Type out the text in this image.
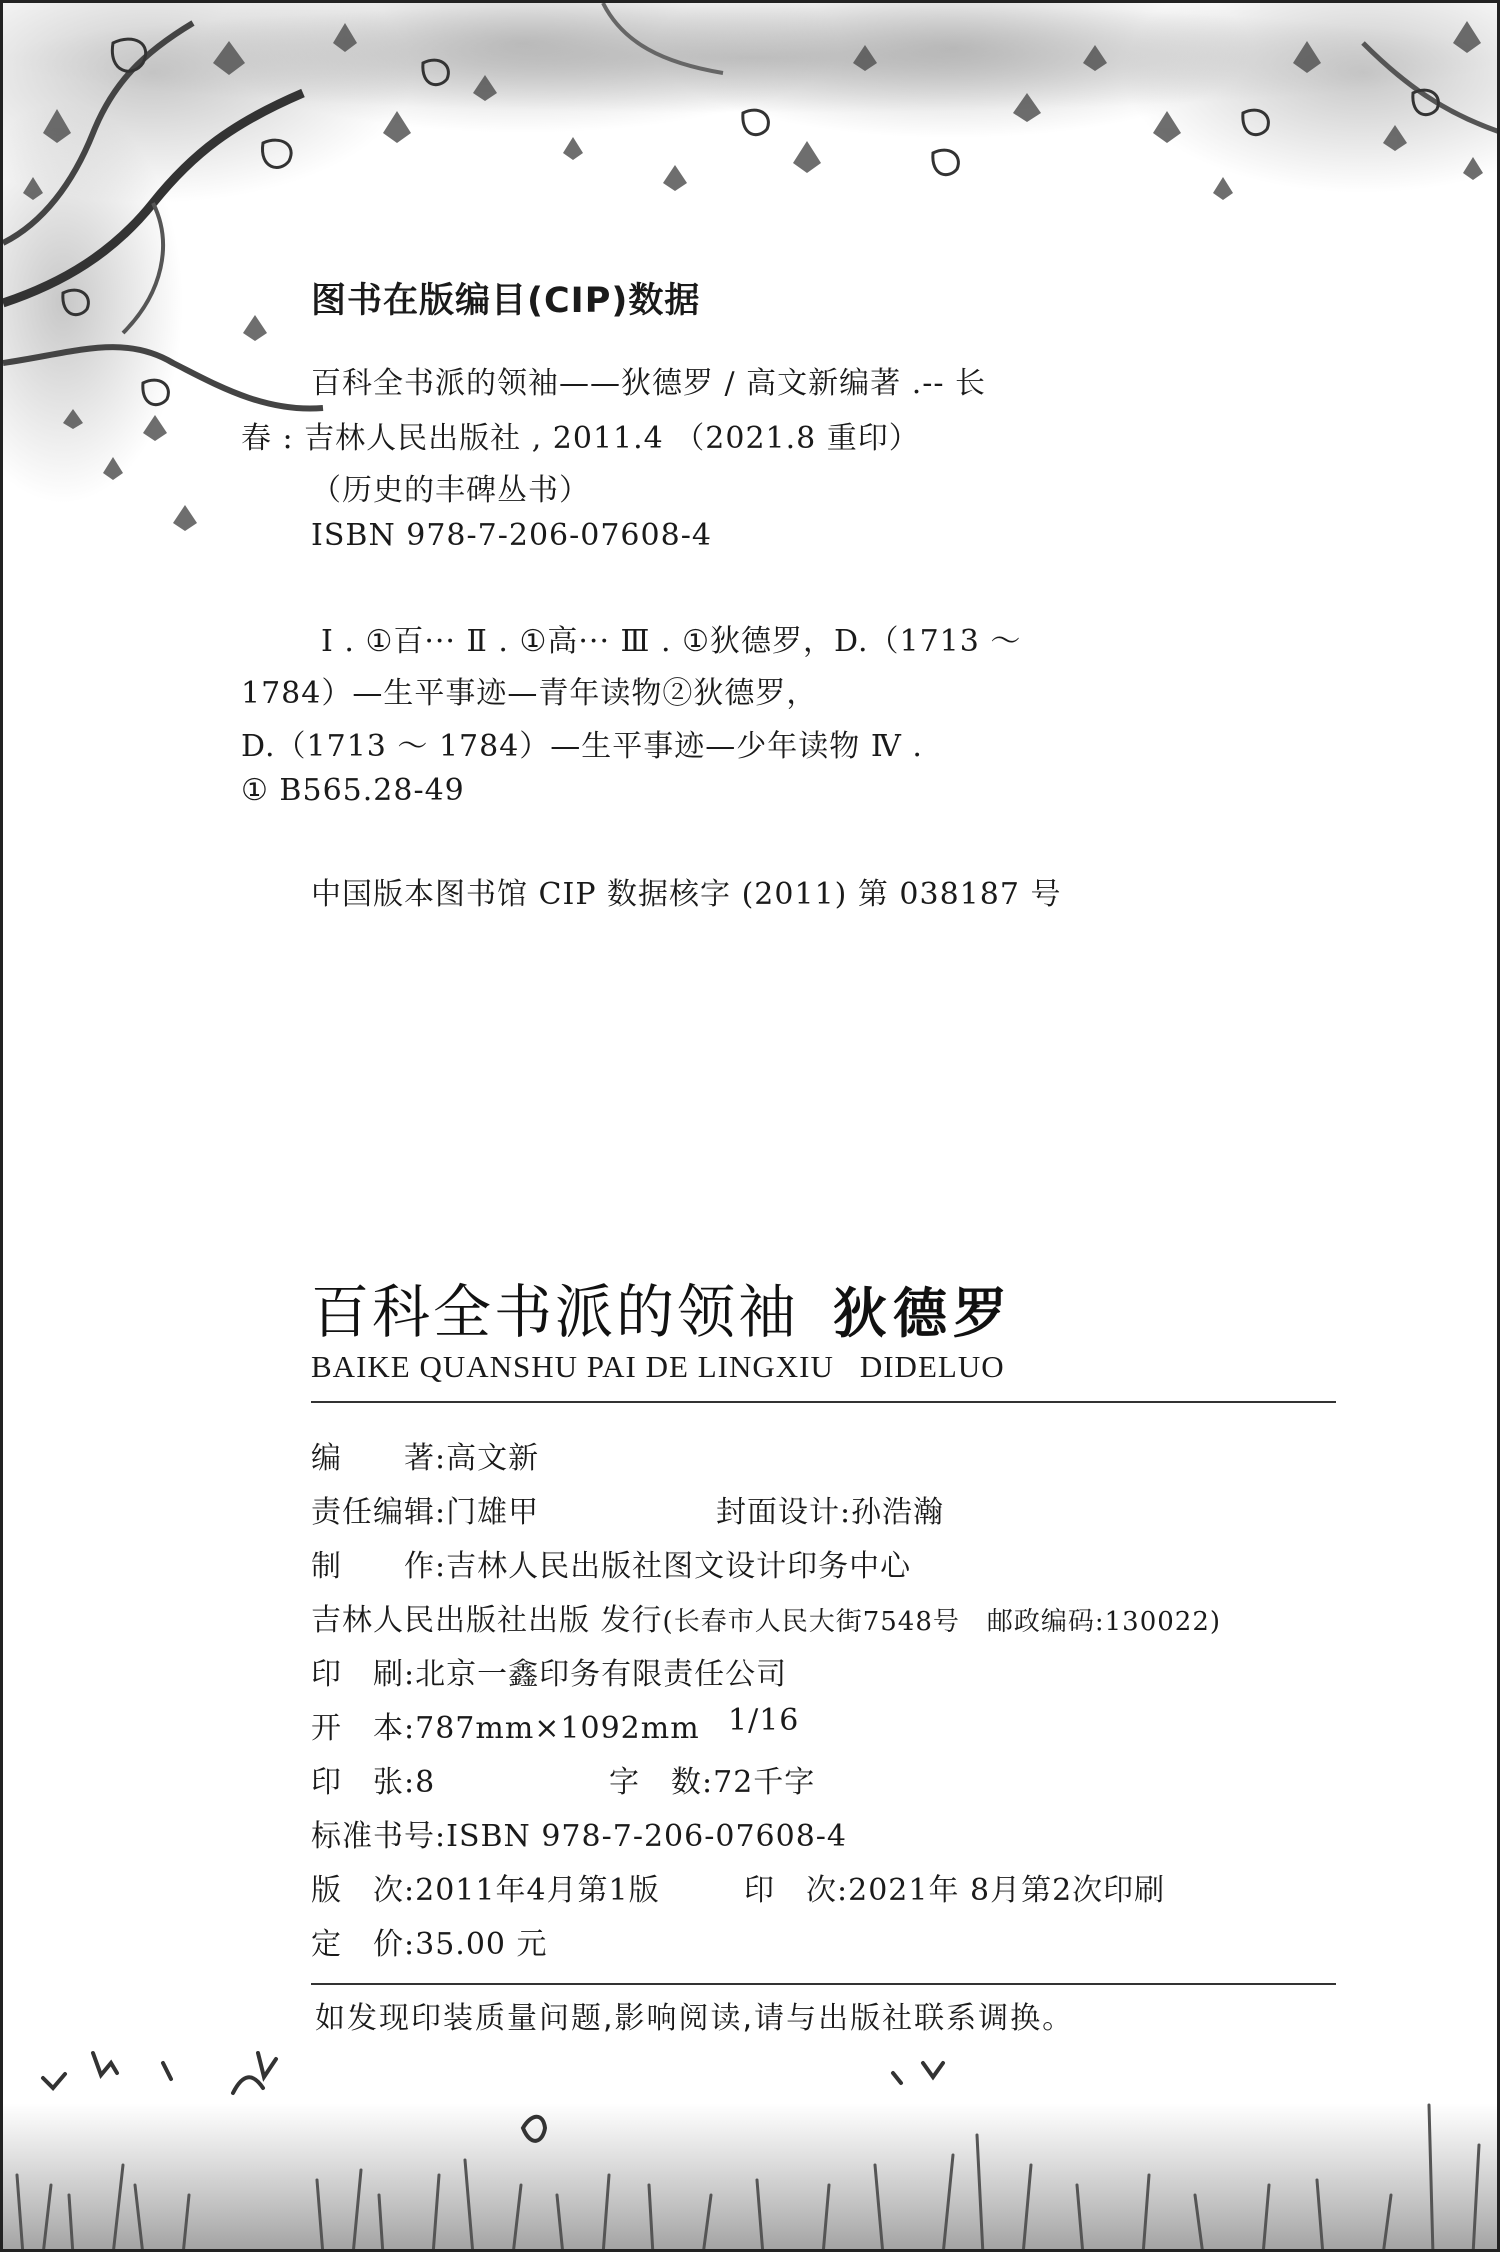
图书在版编目(CIP)数据
百科全书派的领袖——狄德罗 / 高文新编著 .-- 长
春 : 吉林人民出版社 , 2011.4 （2021.8 重印）
（历史的丰碑丛书）
ISBN 978-7-206-07608-4
Ⅰ . ①百··· Ⅱ . ①高··· Ⅲ . ①狄德罗，D.（1713 ～
1784）—生平事迹—青年读物②狄德罗，
D.（1713 ～ 1784）—生平事迹—少年读物 Ⅳ .
① B565.28-49
中国版本图书馆 CIP 数据核字 (2011) 第 038187 号
百科全书派的领袖 狄德罗
BAIKE QUANSHU PAI DE LINGXIU DIDELUO
编　　著:高文新
责任编辑:门雄甲	封面设计:孙浩瀚
制　　作:吉林人民出版社图文设计印务中心
吉林人民出版社出版 发行(长春市人民大街7548号　邮政编码:130022)
印　刷:北京一鑫印务有限责任公司
开　本:787mm×1092mm 1/16
印　张:8	字　数:72千字
标准书号:ISBN 978-7-206-07608-4
版　次:2011年4月第1版	印　次:2021年 8月第2次印刷
定　价:35.00 元
如发现印装质量问题,影响阅读,请与出版社联系调换。
